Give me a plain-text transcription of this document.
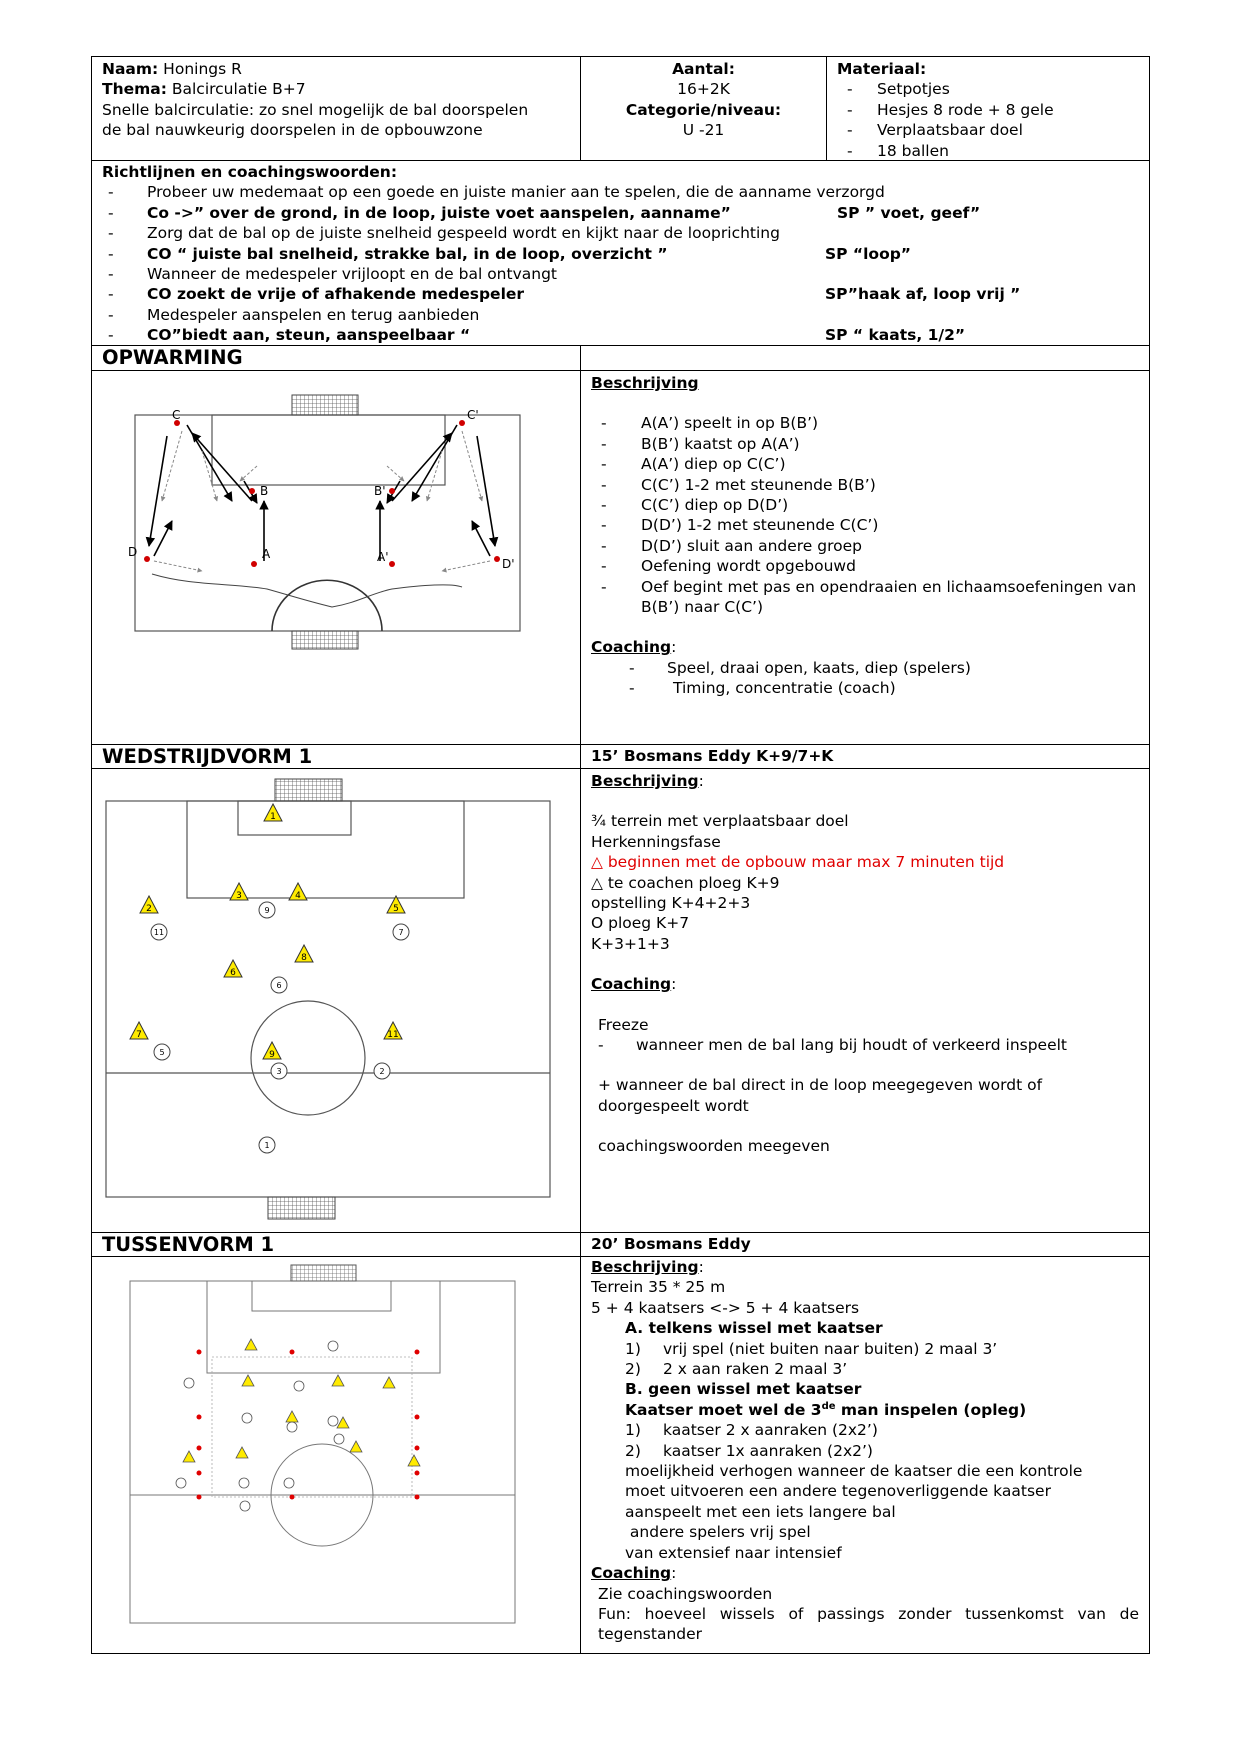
Naam: Honings R
Thema: Balcirculatie B+7
Snelle balcirculatie: zo snel mogelijk de bal doorspelen
de bal nauwkeurig doorspelen in de opbouwzone
Aantal:
16+2K
Categorie/niveau:
U -21
Materiaal:
-	Setpotjes
-	Hesjes 8 rode + 8 gele
-	Verplaatsbaar doel
-	18 ballen
Richtlijnen en coachingswoorden:
-	Probeer uw medemaat op een goede en juiste manier aan te spelen, die de aanname verzorgd
-	Co ->” over de grond, in de loop, juiste voet aanspelen, aanname”	SP ” voet, geef”
-	Zorg dat de bal op de juiste snelheid gespeeld wordt en kijkt naar de looprichting
-	CO “ juiste bal snelheid, strakke bal, in de loop, overzicht ”	SP “loop”
-	Wanneer de medespeler vrijloopt en de bal ontvangt
-	CO zoekt de vrije of afhakende medespeler	SP”haak af, loop vrij ”
-	Medespeler aanspelen en terug aanbieden
-	CO”biedt aan, steun, aanspeelbaar “	SP “ kaats, 1/2”
OPWARMING
C	C'
B	B'
A	A'
D
D'
Beschrijving
-	A(A’) speelt in op B(B’)
-	B(B’) kaatst op A(A’)
-	A(A’) diep op C(C’)
-	C(C’) 1-2 met steunende B(B’)
-	C(C’) diep op D(D’)
-	D(D’) 1-2 met steunende C(C’)
-	D(D’) sluit aan andere groep
-	Oefening wordt opgebouwd
-	Oef begint met pas en opendraaien en lichaamsoefeningen van B(B’) naar C(C’)
Coaching:
-	Speel, draai open, kaats, diep (spelers)
-	Timing, concentratie (coach)
WEDSTRIJDVORM 1	15’ Bosmans Eddy K+9/7+K
1
2
3	4
5
6
8
7	11
9
9
11	7
6
5
3	2
1
Beschrijving:
¾ terrein met verplaatsbaar doel
Herkenningsfase
△ beginnen met de opbouw maar max 7 minuten tijd
△ te coachen ploeg K+9
opstelling K+4+2+3
O ploeg K+7
K+3+1+3
Coaching:
Freeze
-	wanneer men de bal lang bij houdt of verkeerd inspeelt
+ wanneer de bal direct in de loop meegegeven wordt of doorgespeelt wordt
coachingswoorden meegeven
TUSSENVORM 1	20’ Bosmans Eddy
Beschrijving:
Terrein 35 * 25 m
5 + 4 kaatsers <-> 5 + 4 kaatsers
A. telkens wissel met kaatser
1)	vrij spel (niet buiten naar buiten) 2 maal 3’
2)	2 x aan raken 2 maal 3’
B. geen wissel met kaatser
Kaatser moet wel de 3de man inspelen (opleg)
1)	kaatser 2 x aanraken (2x2’)
2)	kaatser 1x aanraken (2x2’)
moelijkheid verhogen wanneer de kaatser die een kontrole
moet uitvoeren een andere tegenoverliggende kaatser
aanspeelt met een iets langere bal
andere spelers vrij spel
van extensief naar intensief
Coaching:
Zie coachingswoorden
Fun: hoeveel wissels of passings zonder tussenkomst van de tegenstander
